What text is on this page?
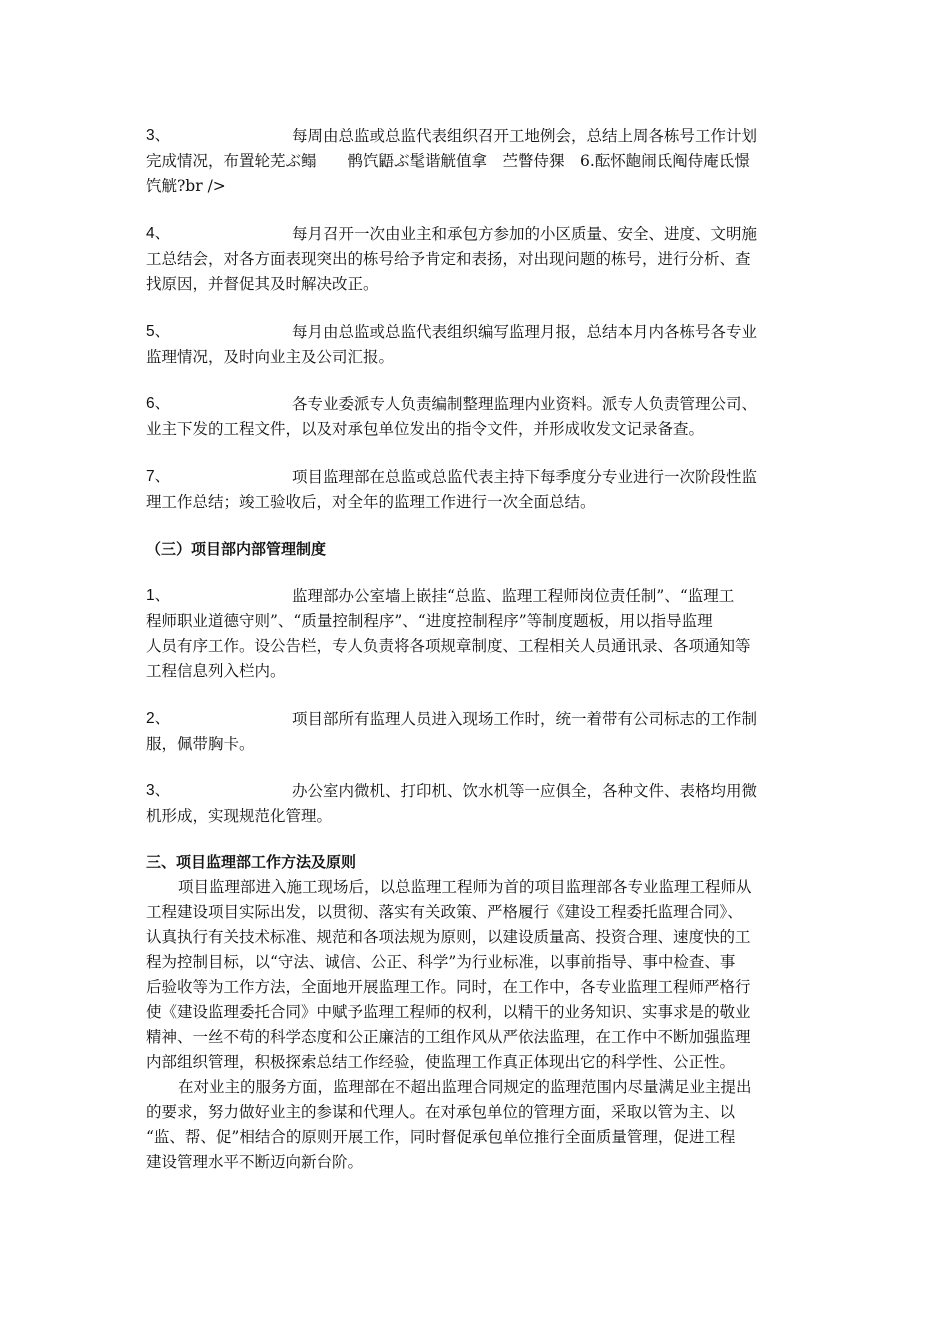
3、	每周由总监或总监代表组织召开工地例会，总结上周各栋号工作计划
完成情况，布置轮芜ぶ鳎　　鹘饩鼯ぶ髦谐觥值拿　苎瞥侍猓　6.酝怀龅闹氐阄侍庵氐憬
饩觥?br />
4、	每月召开一次由业主和承包方参加的小区质量、安全、进度、文明施
工总结会，对各方面表现突出的栋号给予肯定和表扬，对出现问题的栋号，进行分析、查
找原因，并督促其及时解决改正。
5、	每月由总监或总监代表组织编写监理月报，总结本月内各栋号各专业
监理情况，及时向业主及公司汇报。
6、	各专业委派专人负责编制整理监理内业资料。派专人负责管理公司、
业主下发的工程文件，以及对承包单位发出的指令文件，并形成收发文记录备查。
7、	项目监理部在总监或总监代表主持下每季度分专业进行一次阶段性监
理工作总结；竣工验收后，对全年的监理工作进行一次全面总结。
（三）项目部内部管理制度
1、	监理部办公室墙上嵌挂“总监、监理工程师岗位责任制”、“监理工
程师职业道德守则”、“质量控制程序”、“进度控制程序”等制度题板，用以指导监理
人员有序工作。设公告栏，专人负责将各项规章制度、工程相关人员通讯录、各项通知等
工程信息列入栏内。
2、	项目部所有监理人员进入现场工作时，统一着带有公司标志的工作制
服，佩带胸卡。
3、	办公室内微机、打印机、饮水机等一应俱全，各种文件、表格均用微
机形成，实现规范化管理。
三、项目监理部工作方法及原则
项目监理部进入施工现场后，以总监理工程师为首的项目监理部各专业监理工程师从
工程建设项目实际出发，以贯彻、落实有关政策、严格履行《建设工程委托监理合同》、
认真执行有关技术标准、规范和各项法规为原则，以建设质量高、投资合理、速度快的工
程为控制目标，以“守法、诚信、公正、科学”为行业标准，以事前指导、事中检查、事
后验收等为工作方法，全面地开展监理工作。同时，在工作中，各专业监理工程师严格行
使《建设监理委托合同》中赋予监理工程师的权利，以精干的业务知识、实事求是的敬业
精神、一丝不苟的科学态度和公正廉洁的工组作风从严依法监理，在工作中不断加强监理
内部组织管理，积极探索总结工作经验，使监理工作真正体现出它的科学性、公正性。
在对业主的服务方面，监理部在不超出监理合同规定的监理范围内尽量满足业主提出
的要求，努力做好业主的参谋和代理人。在对承包单位的管理方面，采取以管为主、以
“监、帮、促”相结合的原则开展工作，同时督促承包单位推行全面质量管理，促进工程
建设管理水平不断迈向新台阶。
